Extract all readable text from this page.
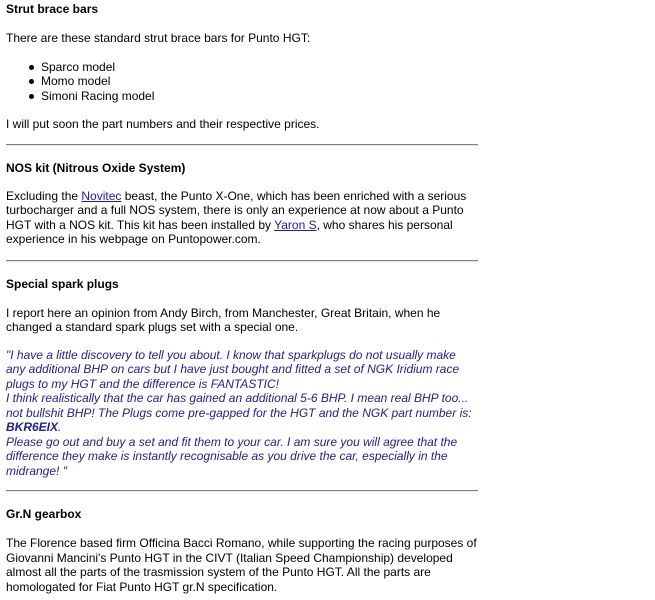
Strut brace bars

There are these standard strut brace bars for Punto HGT:

Sparco model
Momo model
Simoni Racing model

I will put soon the part numbers and their respective prices.

NOS kit (Nitrous Oxide System)

Excluding the Novitec beast, the Punto X-One, which has been enriched with a serious turbocharger and a full NOS system, there is only an experience at now about a Punto HGT with a NOS kit. This kit has been installed by Yaron S, who shares his personal experience in his webpage on Puntopower.com.

Special spark plugs

I report here an opinion from Andy Birch, from Manchester, Great Britain, when he changed a standard spark plugs set with a special one.

"I have a little discovery to tell you about. I know that sparkplugs do not usually make any additional BHP on cars but I have just bought and fitted a set of NGK Iridium race plugs to my HGT and the difference is FANTASTIC!
I think realistically that the car has gained an additional 5-6 BHP. I mean real BHP too... not bullshit BHP! The Plugs come pre-gapped for the HGT and the NGK part number is:
BKR6EIX.
Please go out and buy a set and fit them to your car. I am sure you will agree that the difference they make is instantly recognisable as you drive the car, especially in the midrange! "
Gr.N gearbox

The Florence based firm Officina Bacci Romano, while supporting the racing purposes of Giovanni Mancini's Punto HGT in the CIVT (Italian Speed Championship) developed almost all the parts of the trasmission system of the Punto HGT. All the parts are homologated for Fiat Punto HGT gr.N specification.
